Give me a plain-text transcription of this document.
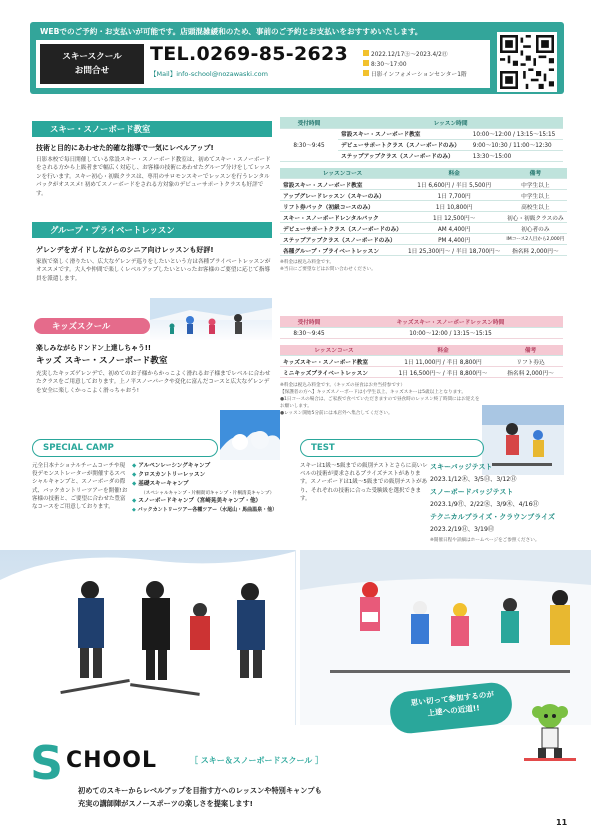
WEBでのご予約・お支払いが可能です。店頭混雑緩和のため、事前のご予約とお支払いをおすすめいたします。
スキースクール
お問合せ
TEL.0269-85-2623
【Mail】info-school@nozawaski.com
2022.12/17㊏～2023.4/2㊐
8:30～17:00
日影インフォメーションセンター1階
スキー・スノーボード教室
技術と目的にあわせた的確な指導で一気にレベルアップ!
日影本校で毎日開催している常設スキー・スノーボード教室は、初めてスキー・スノーボードをされる方から上級者まで幅広く対応し、お客様の技術にあわせたグループ分けをしてレッスンを行います。スキー初心・初級クラスは、専用のサロモンスキーでレッスンを行うレンタルパックがオススメ! 初めてスノーボードをされる方対象のデビューサポートクラスも好評です。
グループ・プライベートレッスン
ゲレンデをガイドしながらのシニア向けレッスンも好評!
家族で楽しく滑りたい、広大なゲレンデ巡りをしたいという方は各種プライベートレッスンがオススメです。大人や仲間で楽しくレベルアップしたいといったお客様のご要望に応じて指導員を派遣します。
キッズスクール
楽しみながらドンドン上達しちゃう!!
キッズ スキー・スノーボード教室
充実したキッズゲレンデで、初めてのお子様からかっこよく滑れるお子様までレベルに合わせたクラスをご用意しております。上ノ平スノーパークや変化に富んだコースと広大なゲレンデを安全に楽しくかっこよく滑っちゃおう!
受付時間	レッスン時間	
8:30～9:45	常設スキー・スノーボード教室	10:00～12:00 / 13:15～15:15
	デビューサポートクラス（スノーボードのみ）	9:00～10:30 / 11:00～12:30
	ステップアップクラス（スノーボードのみ）	13:30～15:00
レッスンコース	料金	備考
常設スキー・スノーボード教室	1日 6,600円 / 半日 5,500円	中学生以上
アップグレードレッスン（スキーのみ）	1日 7,700円	中学生以上
リフト券パック（初級コースのみ）	1日 10,800円	高校生以上
スキー・スノーボードレンタルパック	1日 12,500円～	初心・初級クラスのみ
デビューサポートクラス（スノーボードのみ）	AM 4,400円	初心者のみ
ステップアップクラス（スノーボードのみ）	PM 4,400円	IMコース2人目から2,000円
各種グループ・プライベートレッスン	1日 25,300円～ / 半日 18,700円～	指名料 2,000円～
※料金は税込み料金です。
※当日にご要望などはお問い合わせください。
受付時間	キッズスキー・スノーボードレッスン時間
8:30～9:45	10:00～12:00 / 13:15～15:15
レッスンコース	料金	備考
キッズスキー・スノーボード教室	1日 11,000円 / 半日 8,800円	リフト券込
ミニキッズプライベートレッスン	1日 16,500円～ / 半日 8,800円～	指名料 2,000円～
※料金は税込み料金です。（キッズの昼食はお弁当持参です）
【保護者の方へ】キッズスノーボードは小学生以上、キッズスキーは5歳以上となります。
●1日コースの場合は、ご家族で食べていただきますので昼食時のレッスン終了時間にはお迎えをお願いします。
●レッスン開始5分前には本店外へ集合してください。
SPECIAL CAMP
元全日本ナショナルチームコーチや現役デモンストレーターが開催するスペシャルキャンプと、スノーボーダの際式、バックカントリーツアーを開催!お客様の技術と、ご要望に合わせた豊富なコースをご用意しております。
◆ アルペンレーシングキャンプ
◆ クロスカントリーレッスン
◆ 基礎スキーキャンプ
（スペシャルキャンプ・片桐貴司キャンプ・片桐清美キャンプ）
◆ スノーボードキャンプ（宮崎晃美キャンプ・他）
◆ バックカントリーツアー各種ツアー（水尾山・馬曲温泉・他）
TEST
スキーは1級～5級までの級別テストとさらに高いレベルの技術が要求されるプライズテストがあります。スノーボードは1級～5級までの級別テストがあり、それぞれの技術に合った受験級を選択できます。
スキーバッジテスト
2023.1/12㊍、3/5㊐、3/12㊐
スノーボードバッジテスト
2023.1/9㊊、2/22㊌、3/9㊍、4/16㊐
テクニカルプライズ・クラウンプライズ
2023.2/19㊐、3/19㊐
※開催日程や詳細はホームページをご参照ください。
思い切って参加するのが
上達への近道!!
S CHOOL	［ スキー＆スノーボードスクール ］
初めてのスキーからレベルアップを目指す方へのレッスンや特別キャンプも
充実の講師陣がスノースポーツの楽しさを提案します!
11
